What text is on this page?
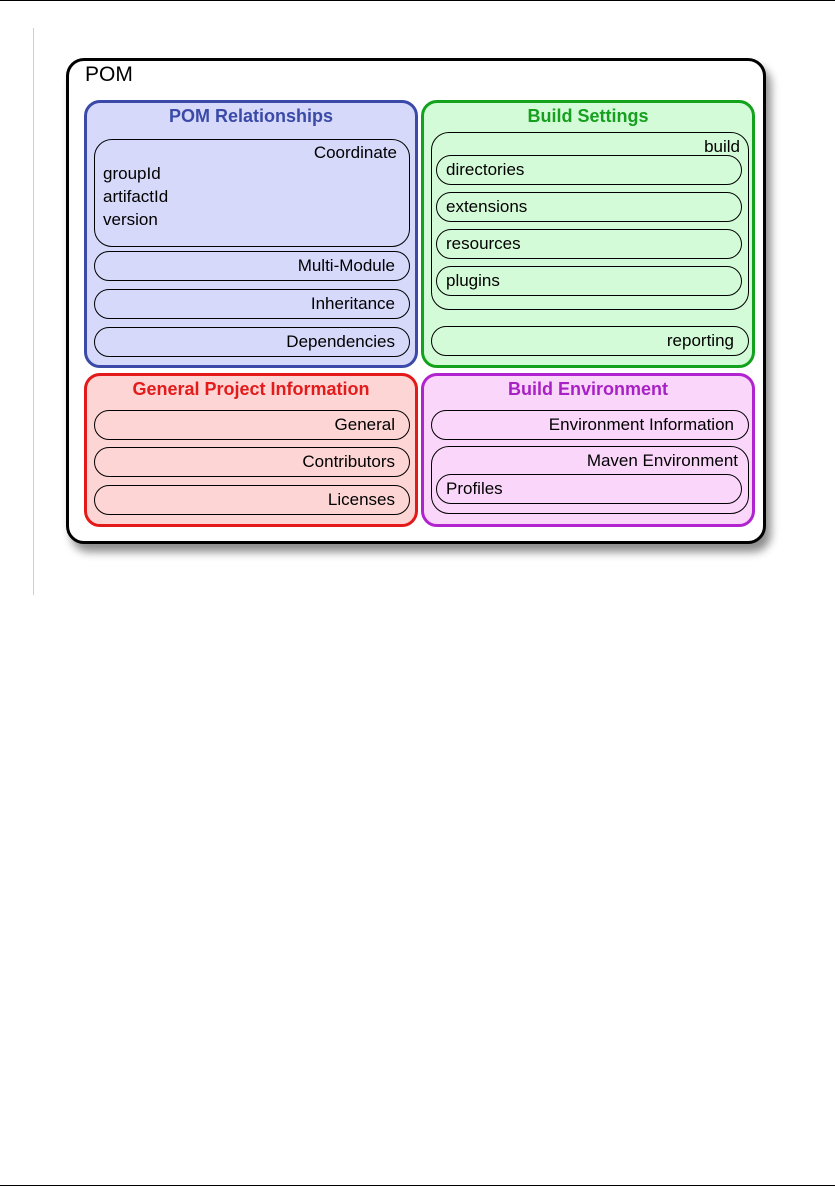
POM
POM Relationships
Coordinate
groupId
artifactId
version
Multi-Module
Inheritance
Dependencies
Build Settings
build
directories
extensions
resources
plugins
reporting
General Project Information
General
Contributors
Licenses
Build Environment
Environment Information
Maven Environment
Profiles
